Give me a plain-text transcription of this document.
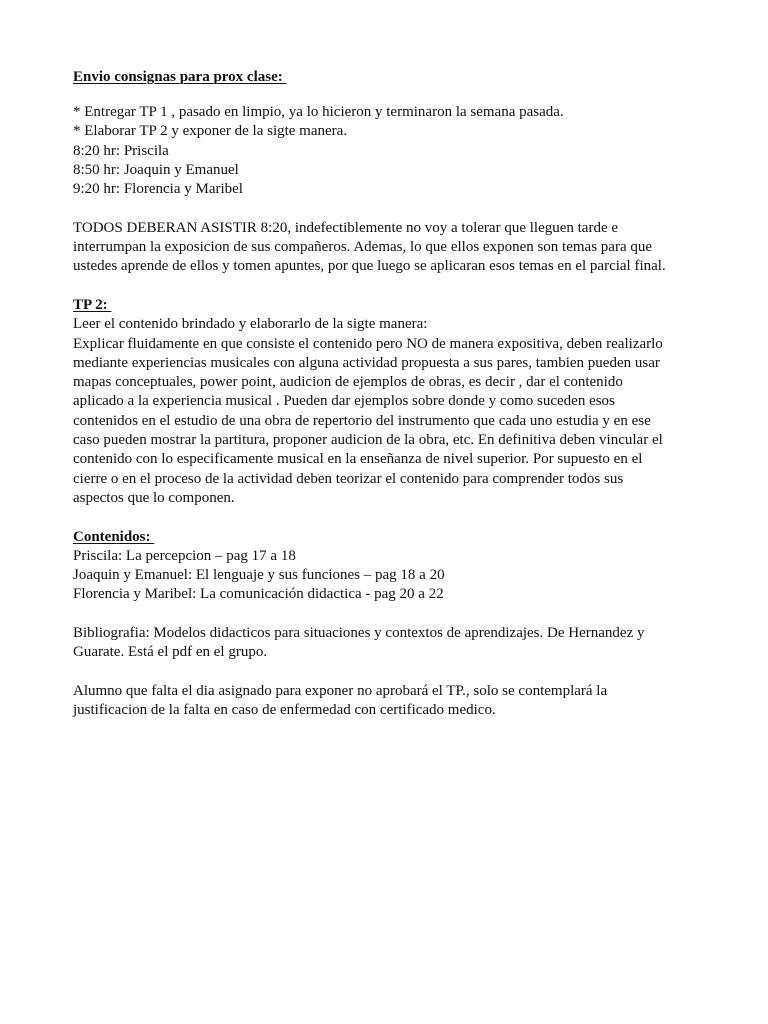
Envio consignas para prox clase:
* Entregar TP 1 , pasado en limpio, ya lo hicieron y terminaron la semana pasada.
* Elaborar TP 2 y exponer de la sigte manera.
8:20 hr: Priscila
8:50 hr: Joaquin y Emanuel
9:20 hr: Florencia y Maribel
TODOS DEBERAN ASISTIR 8:20, indefectiblemente no voy a tolerar que lleguen tarde e
interrumpan la exposicion de sus compañeros. Ademas, lo que ellos exponen son temas para que
ustedes aprende de ellos y tomen apuntes, por que luego se aplicaran esos temas en el parcial final.
TP 2:
Leer el contenido brindado y elaborarlo de la sigte manera:
Explicar fluidamente en que consiste el contenido pero NO de manera expositiva, deben realizarlo
mediante experiencias musicales con alguna actividad propuesta a sus pares, tambien pueden usar
mapas conceptuales, power point, audicion de ejemplos de obras, es decir , dar el contenido
aplicado a la experiencia musical . Pueden dar ejemplos sobre donde y como suceden esos
contenidos en el estudio de una obra de repertorio del instrumento que cada uno estudia y en ese
caso pueden mostrar la partitura, proponer audicion de la obra, etc. En definitiva deben vincular el
contenido con lo especificamente musical en la enseñanza de nivel superior. Por supuesto en el
cierre o en el proceso de la actividad deben teorizar el contenido para comprender todos sus
aspectos que lo componen.
Contenidos:
Priscila: La percepcion – pag 17 a 18
Joaquin y Emanuel: El lenguaje y sus funciones – pag 18 a 20
Florencia y Maribel: La comunicación didactica - pag 20 a 22
Bibliografia: Modelos didacticos para situaciones y contextos de aprendizajes. De Hernandez y
Guarate. Está el pdf en el grupo.
Alumno que falta el dia asignado para exponer no aprobará el TP., solo se contemplará la
justificacion de la falta en caso de enfermedad con certificado medico.
